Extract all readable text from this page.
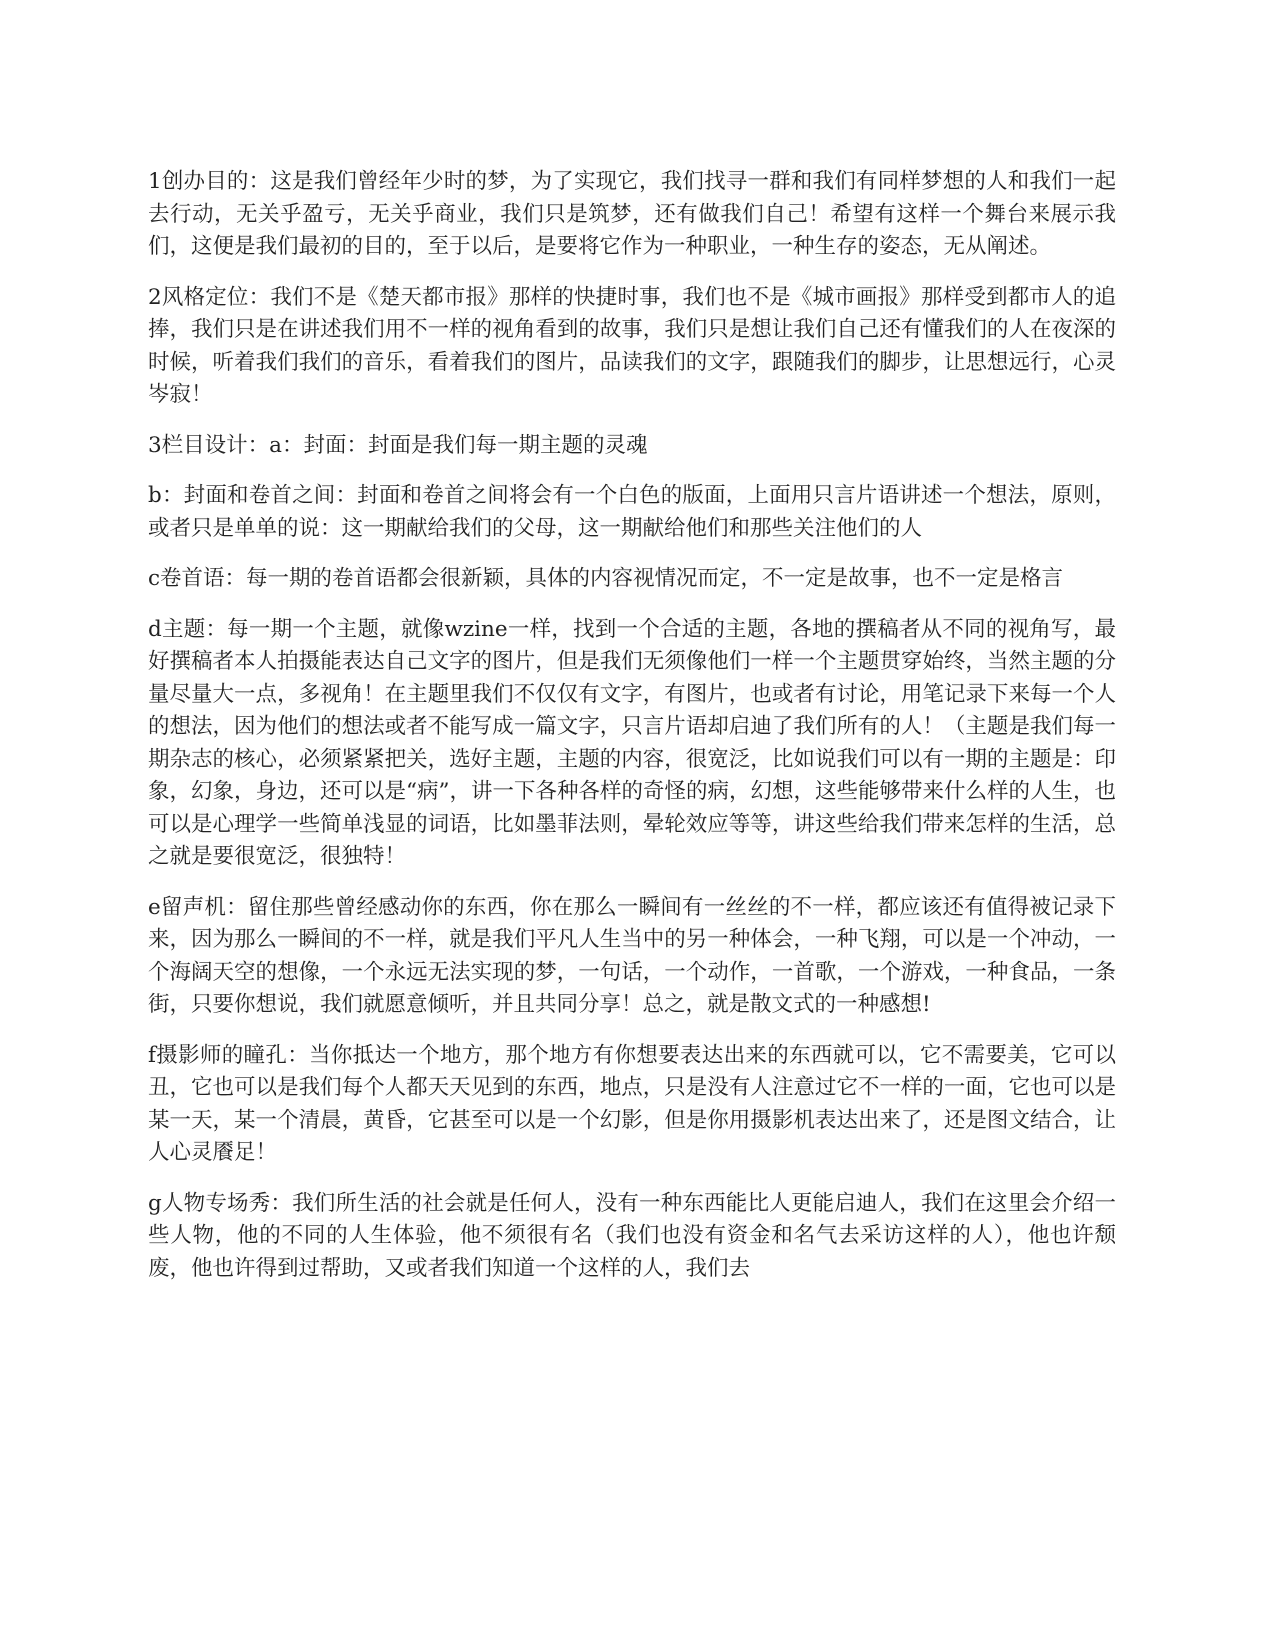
1创办目的：这是我们曾经年少时的梦，为了实现它，我们找寻一群和我们有同样梦想的人和我们一起去行动，无关乎盈亏，无关乎商业，我们只是筑梦，还有做我们自己！希望有这样一个舞台来展示我们，这便是我们最初的目的，至于以后，是要将它作为一种职业，一种生存的姿态，无从阐述。

2风格定位：我们不是《楚天都市报》那样的快捷时事，我们也不是《城市画报》那样受到都市人的追捧，我们只是在讲述我们用不一样的视角看到的故事，我们只是想让我们自己还有懂我们的人在夜深的时候，听着我们我们的音乐，看着我们的图片，品读我们的文字，跟随我们的脚步，让思想远行，心灵岑寂！

3栏目设计：a：封面：封面是我们每一期主题的灵魂

b：封面和卷首之间：封面和卷首之间将会有一个白色的版面，上面用只言片语讲述一个想法，原则，或者只是单单的说：这一期献给我们的父母，这一期献给他们和那些关注他们的人

c卷首语：每一期的卷首语都会很新颖，具体的内容视情况而定，不一定是故事，也不一定是格言

d主题：每一期一个主题，就像wzine一样，找到一个合适的主题，各地的撰稿者从不同的视角写，最好撰稿者本人拍摄能表达自己文字的图片，但是我们无须像他们一样一个主题贯穿始终，当然主题的分量尽量大一点，多视角！在主题里我们不仅仅有文字，有图片，也或者有讨论，用笔记录下来每一个人的想法，因为他们的想法或者不能写成一篇文字，只言片语却启迪了我们所有的人！（主题是我们每一期杂志的核心，必须紧紧把关，选好主题，主题的内容，很宽泛，比如说我们可以有一期的主题是：印象，幻象，身边，还可以是“病”，讲一下各种各样的奇怪的病，幻想，这些能够带来什么样的人生，也可以是心理学一些简单浅显的词语，比如墨菲法则，晕轮效应等等，讲这些给我们带来怎样的生活，总之就是要很宽泛，很独特！

e留声机：留住那些曾经感动你的东西，你在那么一瞬间有一丝丝的不一样，都应该还有值得被记录下来，因为那么一瞬间的不一样，就是我们平凡人生当中的另一种体会，一种飞翔，可以是一个冲动，一个海阔天空的想像，一个永远无法实现的梦，一句话，一个动作，一首歌，一个游戏，一种食品，一条街，只要你想说，我们就愿意倾听，并且共同分享！总之，就是散文式的一种感想!

f摄影师的瞳孔：当你抵达一个地方，那个地方有你想要表达出来的东西就可以，它不需要美，它可以丑，它也可以是我们每个人都天天见到的东西，地点，只是没有人注意过它不一样的一面，它也可以是某一天，某一个清晨，黄昏，它甚至可以是一个幻影，但是你用摄影机表达出来了，还是图文结合，让人心灵餍足！

g人物专场秀：我们所生活的社会就是任何人，没有一种东西能比人更能启迪人，我们在这里会介绍一些人物，他的不同的人生体验，他不须很有名（我们也没有资金和名气去采访这样的人），他也许颓废，他也许得到过帮助，又或者我们知道一个这样的人，我们去
